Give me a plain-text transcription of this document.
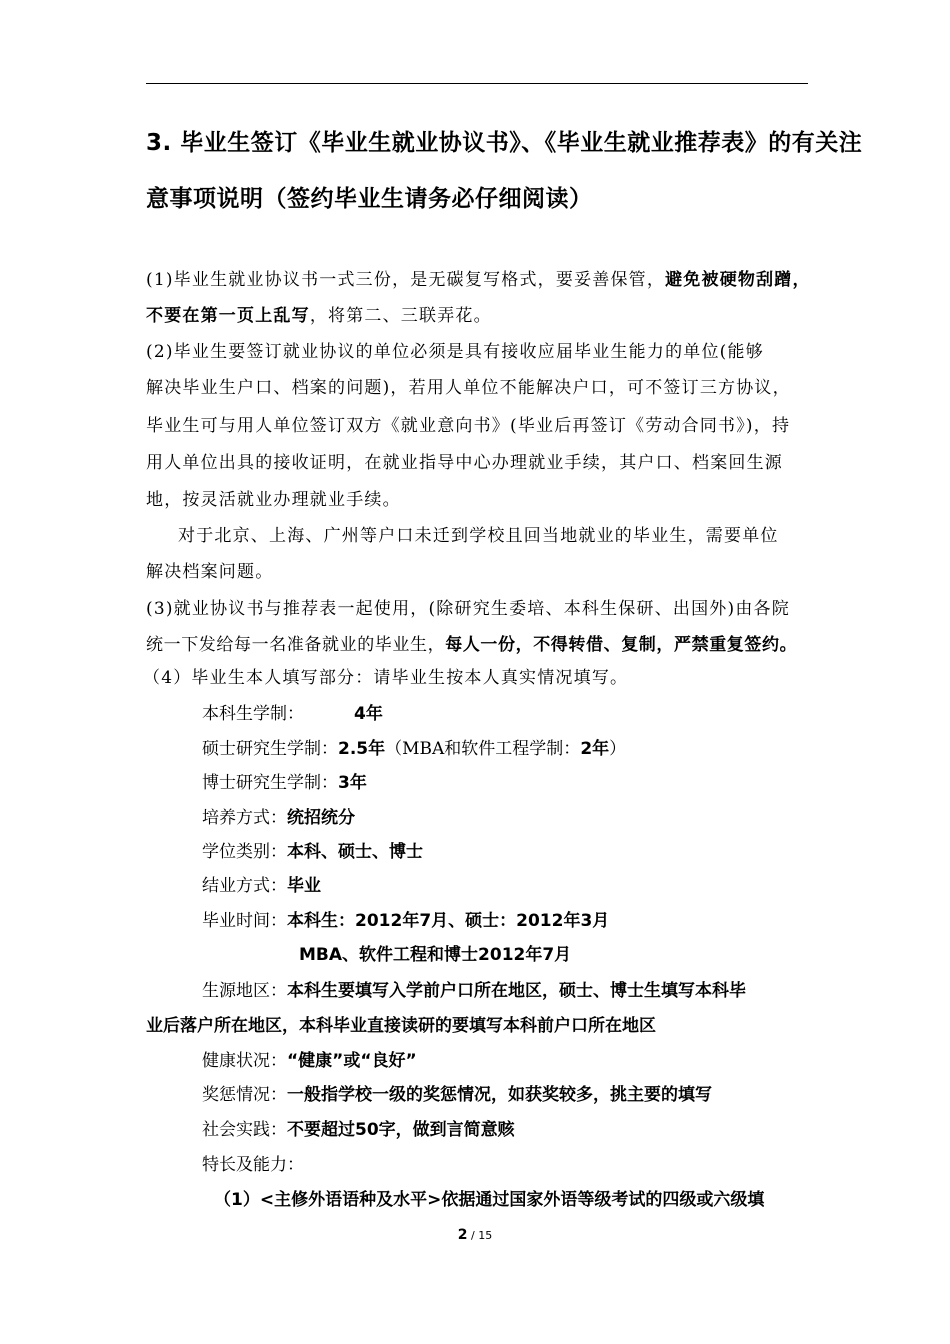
3. 毕业生签订《毕业生就业协议书》、《毕业生就业推荐表》的有关注
意事项说明（签约毕业生请务必仔细阅读）
(1)毕业生就业协议书一式三份，是无碳复写格式，要妥善保管，避免被硬物刮蹭，
不要在第一页上乱写，将第二、三联弄花。
(2)毕业生要签订就业协议的单位必须是具有接收应届毕业生能力的单位(能够
解决毕业生户口、档案的问题)，若用人单位不能解决户口，可不签订三方协议，
毕业生可与用人单位签订双方《就业意向书》(毕业后再签订《劳动合同书》)，持
用人单位出具的接收证明，在就业指导中心办理就业手续，其户口、档案回生源
地，按灵活就业办理就业手续。
对于北京、上海、广州等户口未迁到学校且回当地就业的毕业生，需要单位
解决档案问题。
(3)就业协议书与推荐表一起使用，(除研究生委培、本科生保研、出国外)由各院
统一下发给每一名准备就业的毕业生，每人一份，不得转借、复制，严禁重复签约。
（4）毕业生本人填写部分：请毕业生按本人真实情况填写。
本科生学制：	4年
硕士研究生学制：2.5年（MBA和软件工程学制：2年）
博士研究生学制：3年
培养方式：统招统分
学位类别：本科、硕士、博士
结业方式：毕业
毕业时间：本科生：2012年7月、硕士：2012年3月
MBA、软件工程和博士2012年7月
生源地区：本科生要填写入学前户口所在地区，硕士、博士生填写本科毕
业后落户所在地区，本科毕业直接读研的要填写本科前户口所在地区
健康状况：“健康”或“良好”
奖惩情况：一般指学校一级的奖惩情况，如获奖较多，挑主要的填写
社会实践：不要超过50字，做到言简意赅
特长及能力：
（1）<主修外语语种及水平>依据通过国家外语等级考试的四级或六级填
2 / 15
